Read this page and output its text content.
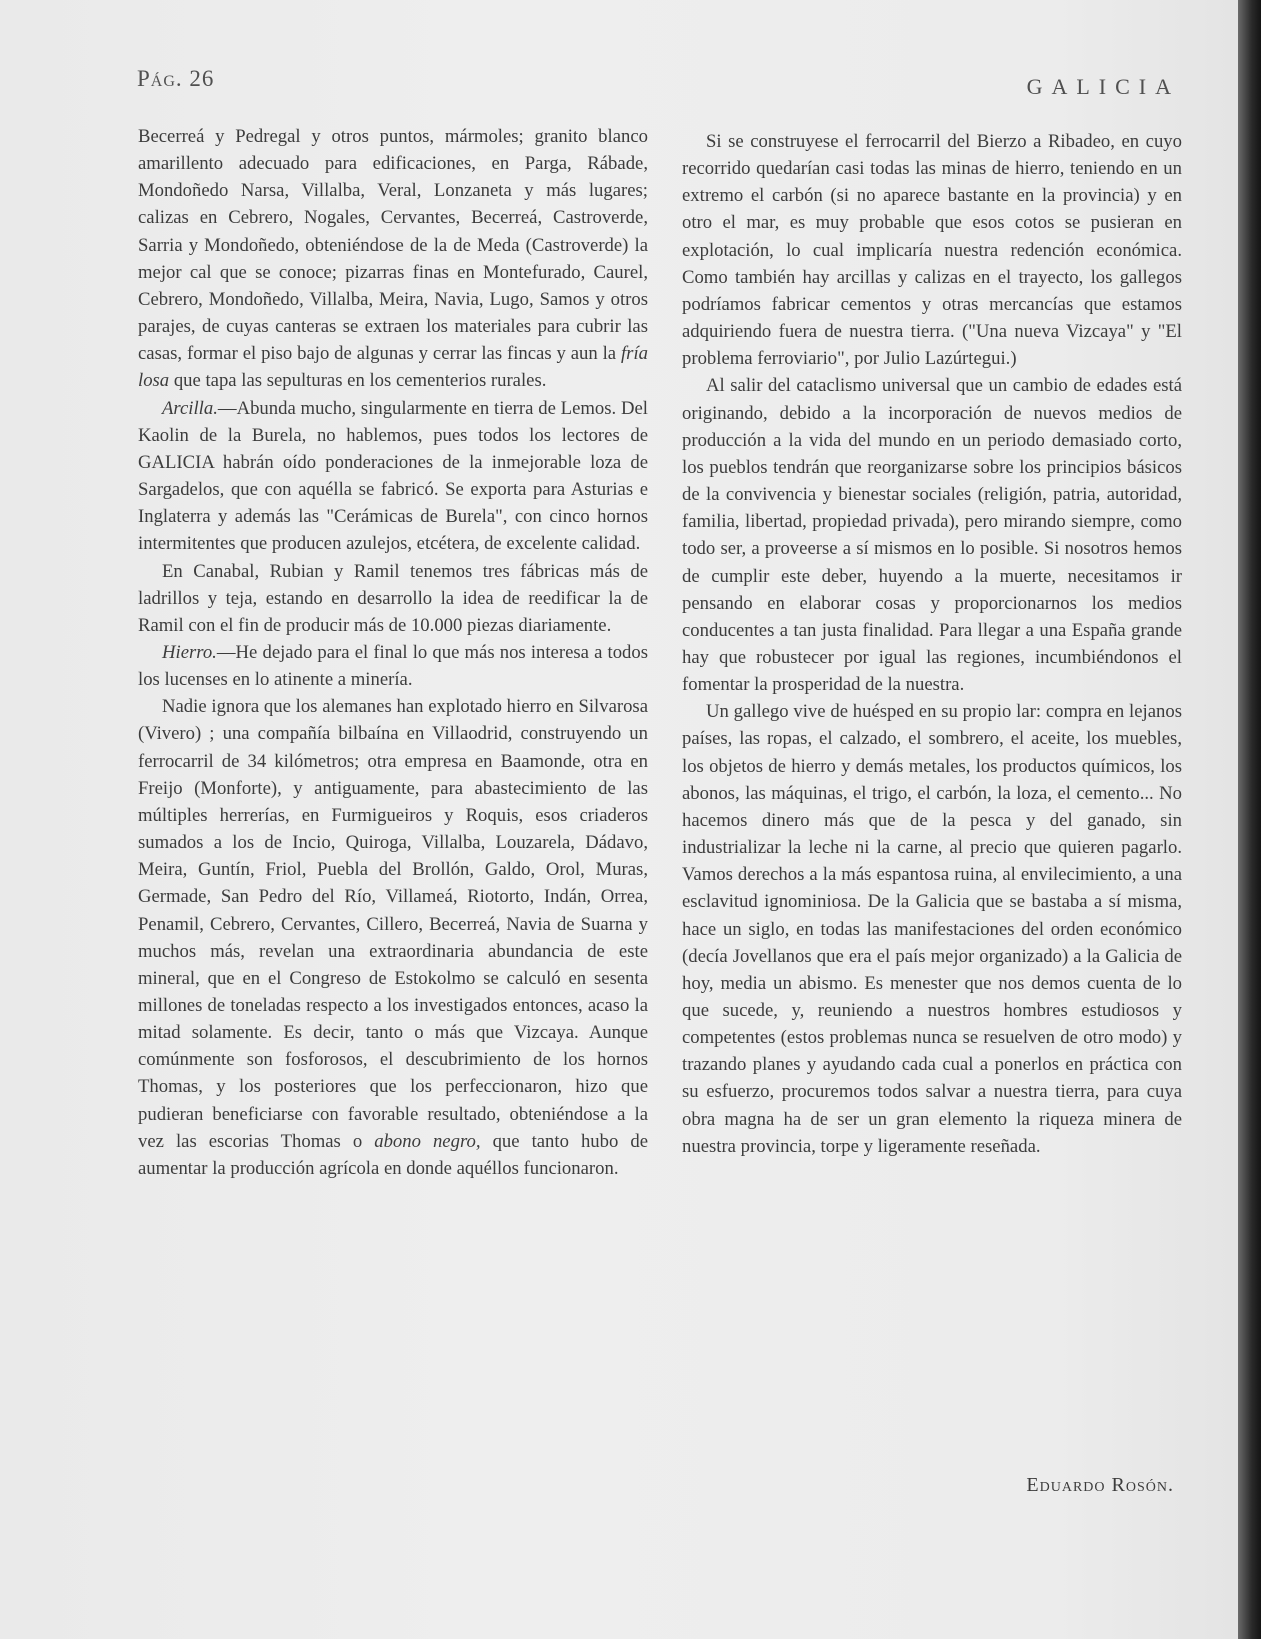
Pág. 26	GALICIA

Becerreá y Pedregal y otros puntos, mármoles; granito blanco amarillento adecuado para edificaciones, en Parga, Rábade, Mondoñedo Narsa, Villalba, Veral, Lonzaneta y más lugares; calizas en Cebrero, Nogales, Cervantes, Becerreá, Castroverde, Sarria y Mondoñedo, obteniéndose de la de Meda (Castroverde) la mejor cal que se conoce; pizarras finas en Montefurado, Caurel, Cebrero, Mondoñedo, Villalba, Meira, Navia, Lugo, Samos y otros parajes, de cuyas canteras se extraen los materiales para cubrir las casas, formar el piso bajo de algunas y cerrar las fincas y aun la fría losa que tapa las sepulturas en los cementerios rurales.

Arcilla.—Abunda mucho, singularmente en tierra de Lemos. Del Kaolin de la Burela, no hablemos, pues todos los lectores de GALICIA habrán oído ponderaciones de la inmejorable loza de Sargadelos, que con aquélla se fabricó. Se exporta para Asturias e Inglaterra y además las "Cerámicas de Burela", con cinco hornos intermitentes que producen azulejos, etcétera, de excelente calidad.

En Canabal, Rubian y Ramil tenemos tres fábricas más de ladrillos y teja, estando en desarrollo la idea de reedificar la de Ramil con el fin de producir más de 10.000 piezas diariamente.

Hierro.—He dejado para el final lo que más nos interesa a todos los lucenses en lo atinente a minería.

Nadie ignora que los alemanes han explotado hierro en Silvarosa (Vivero) ; una compañía bilbaína en Villaodrid, construyendo un ferrocarril de 34 kilómetros; otra empresa en Baamonde, otra en Freijo (Monforte), y antiguamente, para abastecimiento de las múltiples herrerías, en Furmigueiros y Roquis, esos criaderos sumados a los de Incio, Quiroga, Villalba, Louzarela, Dádavo, Meira, Guntín, Friol, Puebla del Brollón, Galdo, Orol, Muras, Germade, San Pedro del Río, Villameá, Riotorto, Indán, Orrea, Penamil, Cebrero, Cervantes, Cillero, Becerreá, Navia de Suarna y muchos más, revelan una extraordinaria abundancia de este mineral, que en el Congreso de Estokolmo se calculó en sesenta millones de toneladas respecto a los investigados entonces, acaso la mitad solamente. Es decir, tanto o más que Vizcaya. Aunque comúnmente son fosforosos, el descubrimiento de los hornos Thomas, y los posteriores que los perfeccionaron, hizo que pudieran beneficiarse con favorable resultado, obteniéndose a la vez las escorias Thomas o abono negro, que tanto hubo de aumentar la producción agrícola en donde aquéllos funcionaron.

Si se construyese el ferrocarril del Bierzo a Ribadeo, en cuyo recorrido quedarían casi todas las minas de hierro, teniendo en un extremo el carbón (si no aparece bastante en la provincia) y en otro el mar, es muy probable que esos cotos se pusieran en explotación, lo cual implicaría nuestra redención económica. Como también hay arcillas y calizas en el trayecto, los gallegos podríamos fabricar cementos y otras mercancías que estamos adquiriendo fuera de nuestra tierra. ("Una nueva Vizcaya" y "El problema ferroviario", por Julio Lazúrtegui.)

Al salir del cataclismo universal que un cambio de edades está originando, debido a la incorporación de nuevos medios de producción a la vida del mundo en un periodo demasiado corto, los pueblos tendrán que reorganizarse sobre los principios básicos de la convivencia y bienestar sociales (religión, patria, autoridad, familia, libertad, propiedad privada), pero mirando siempre, como todo ser, a proveerse a sí mismos en lo posible. Si nosotros hemos de cumplir este deber, huyendo a la muerte, necesitamos ir pensando en elaborar cosas y proporcionarnos los medios conducentes a tan justa finalidad. Para llegar a una España grande hay que robustecer por igual las regiones, incumbiéndonos el fomentar la prosperidad de la nuestra.

Un gallego vive de huésped en su propio lar: compra en lejanos países, las ropas, el calzado, el sombrero, el aceite, los muebles, los objetos de hierro y demás metales, los productos químicos, los abonos, las máquinas, el trigo, el carbón, la loza, el cemento... No hacemos dinero más que de la pesca y del ganado, sin industrializar la leche ni la carne, al precio que quieren pagarlo. Vamos derechos a la más espantosa ruina, al envilecimiento, a una esclavitud ignominiosa. De la Galicia que se bastaba a sí misma, hace un siglo, en todas las manifestaciones del orden económico (decía Jovellanos que era el país mejor organizado) a la Galicia de hoy, media un abismo. Es menester que nos demos cuenta de lo que sucede, y, reuniendo a nuestros hombres estudiosos y competentes (estos problemas nunca se resuelven de otro modo) y trazando planes y ayudando cada cual a ponerlos en práctica con su esfuerzo, procuremos todos salvar a nuestra tierra, para cuya obra magna ha de ser un gran elemento la riqueza minera de nuestra provincia, torpe y ligeramente reseñada.

Eduardo Rosón.
